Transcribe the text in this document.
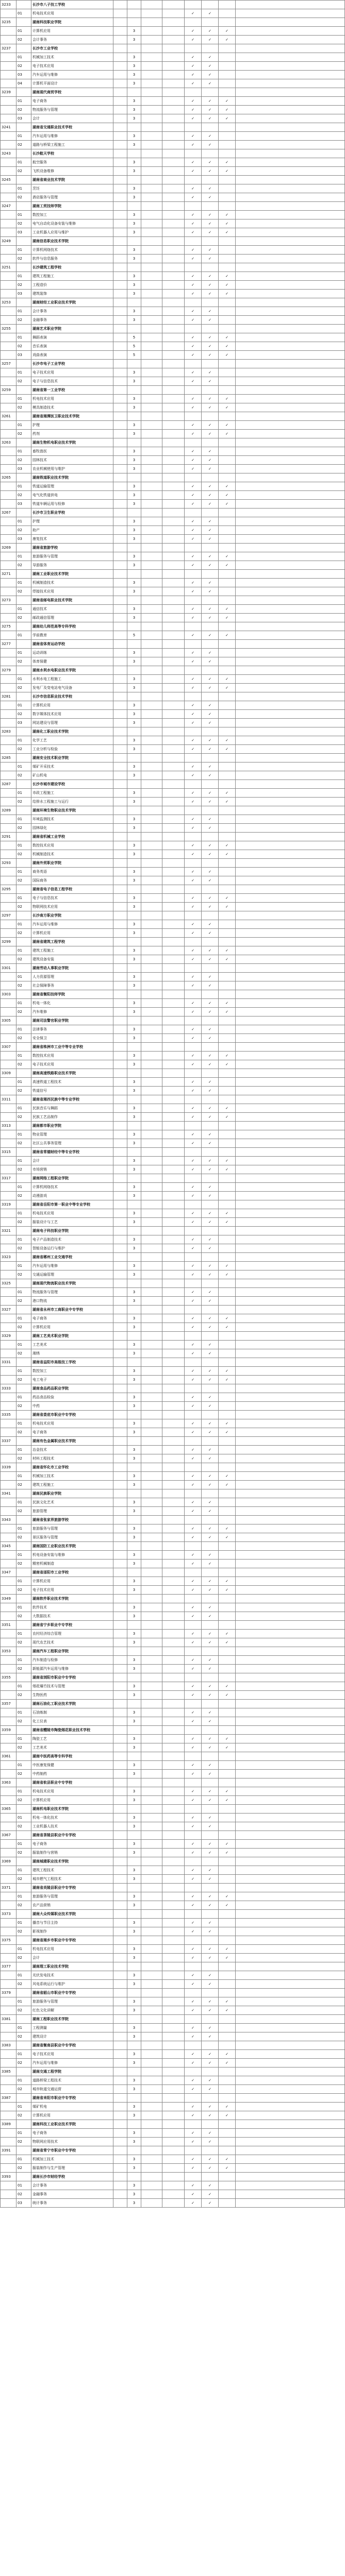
3233		长沙市八子技工学校								
	01	机电技术应用					✓	✓		
3235		湖南科技职业学院								
	01	计算机应用		3			✓	✓	✓	
	02	会计事务		3			✓	✓	✓	
3237		长沙市工业学校								
	01	机械加工技术		3			✓	✓		
	02	电子技术应用		3			✓	✓		
	03	汽车运用与维修		3			✓	✓		
	04	计算机平面设计		3			✓	✓		
3239		湖南现代商贸学校								
	01	电子商务		3			✓	✓	✓	
	02	物流服务与管理		3			✓	✓	✓	
	03	会计		3			✓	✓	✓	
3241		湖南省交通职业技术学校								
	01	汽车运用与维修		3			✓	✓		
	02	道路与桥梁工程施工		3			✓	✓		
3243		长沙航天学校								
	01	航空服务		3			✓	✓	✓	
	02	飞机设备维修		3			✓	✓	✓	
3245		湖南省商业技术学院								
	01	烹饪		3			✓	✓		
	02	酒店服务与管理		3			✓	✓		
3247		湖南工贸技师学院								
	01	数控加工		3			✓	✓	✓	
	02	电气自动化设备安装与维修		3			✓	✓	✓	
	03	工业机器人应用与维护		3			✓	✓	✓	
3249		湖南信息职业技术学院								
	01	计算机网络技术		3			✓	✓		
	02	软件与信息服务		3			✓	✓		
3251		长沙建筑工程学校								
	01	建筑工程施工		3			✓	✓	✓	
	02	工程造价		3			✓	✓	✓	
	03	建筑装饰		3			✓	✓	✓	
3253		湖南财经工业职业技术学院								
	01	会计事务		3			✓	✓		
	02	金融事务		3			✓	✓		
3255		湖南艺术职业学院								
	01	舞蹈表演		5			✓	✓	✓	
	02	音乐表演		5			✓	✓	✓	
	03	戏曲表演		5			✓	✓	✓	
3257		长沙市电子工业学校								
	01	电子技术应用		3			✓	✓		
	02	电子与信息技术		3			✓	✓		
3259		湖南省第一工业学校								
	01	机电技术应用		3			✓	✓	✓	
	02	模具制造技术		3			✓	✓	✓	
3261		湖南省湘潭医卫职业技术学院								
	01	护理		3			✓	✓	✓	
	02	药剂		3			✓	✓	✓	
3263		湖南生物机电职业技术学院								
	01	畜牧兽医		3			✓	✓		
	02	园林技术		3			✓	✓		
	03	农业机械使用与维护		3			✓	✓		
3265		湖南铁道职业技术学院								
	01	铁道运输管理		3			✓	✓	✓	
	02	电气化铁道供电		3			✓	✓	✓	
	03	铁道车辆运用与检修		3			✓	✓	✓	
3267		长沙市卫生职业学校								
	01	护理		3			✓	✓		
	02	助产		3			✓	✓		
	03	康复技术		3			✓	✓		
3269		湖南省旅游学校								
	01	旅游服务与管理		3			✓	✓	✓	
	02	导游服务		3			✓	✓	✓	
3271		湖南工业职业技术学院								
	01	机械制造技术		3			✓	✓		
	02	焊接技术应用		3			✓	✓		
3273		湖南省邮电职业技术学院								
	01	通信技术		3			✓	✓	✓	
	02	邮政通信管理		3			✓	✓	✓	
3275		湖南幼儿师范高等专科学校								
	01	学前教育		5			✓	✓	✓	
3277		湖南省体育运动学校								
	01	运动训练		3			✓	✓		
	02	体育保健		3			✓	✓		
3279		湖南水利水电职业技术学院								
	01	水利水电工程施工		3			✓	✓	✓	
	02	发电厂及变电站电气设备		3			✓	✓	✓	
3281		长沙市信息职业技术学校								
	01	计算机应用		3			✓	✓		
	02	数字媒体技术应用		3			✓	✓		
	03	网站建设与管理		3			✓	✓		
3283		湖南化工职业技术学院								
	01	化学工艺		3			✓	✓	✓	
	02	工业分析与检验		3			✓	✓	✓	
3285		湖南安全技术职业学院								
	01	煤矿开采技术		3			✓	✓		
	02	矿山机电		3			✓	✓		
3287		长沙市城市建设学校								
	01	市政工程施工		3			✓	✓	✓	
	02	给排水工程施工与运行		3			✓	✓	✓	
3289		湖南环境生物职业技术学院								
	01	环境监测技术		3			✓	✓		
	02	园林绿化		3			✓	✓		
3291		湖南省机械工业学校								
	01	数控技术应用		3			✓	✓	✓	
	02	机械制造技术		3			✓	✓	✓	
3293		湖南外贸职业学院								
	01	商务英语		3			✓	✓		
	02	国际商务		3			✓	✓		
3295		湖南省电子信息工程学校								
	01	电子与信息技术		3			✓	✓	✓	
	02	物联网技术应用		3			✓	✓	✓	
3297		长沙南方职业学院								
	01	汽车运用与维修		3			✓	✓		
	02	计算机应用		3			✓	✓		
3299		湖南省建筑工程学校								
	01	建筑工程施工		3			✓	✓	✓	
	02	建筑设备安装		3			✓	✓	✓	
3301		湖南劳动人事职业学院								
	01	人力资源管理		3			✓	✓		
	02	社会保障事务		3			✓	✓		
3303		湖南省衡阳技师学院								
	01	机电一体化		3			✓	✓	✓	
	02	汽车维修		3			✓	✓	✓	
3305		湖南司法警官职业学院								
	01	法律事务		3			✓	✓		
	02	安全保卫		3			✓	✓		
3307		湖南省株洲市工业中等专业学校								
	01	数控技术应用		3			✓	✓	✓	
	02	电子技术应用		3			✓	✓	✓	
3309		湖南高速铁路职业技术学院								
	01	高速铁道工程技术		3			✓	✓		
	02	铁道信号		3			✓	✓		
3311		湖南省湘西民族中等专业学校								
	01	民族音乐与舞蹈		3			✓	✓	✓	
	02	民族工艺品制作		3			✓	✓	✓	
3313		湖南都市职业学院								
	01	物业管理		3			✓	✓		
	02	社区公共事务管理		3			✓	✓		
3315		湖南省常德财经中等专业学校								
	01	会计		3			✓	✓	✓	
	02	市场营销		3			✓	✓	✓	
3317		湖南网络工程职业学院								
	01	计算机网络技术		3			✓	✓		
	02	动漫游戏		3			✓	✓		
3319		湖南省岳阳市第一职业中等专业学校								
	01	机电技术应用		3			✓	✓	✓	
	02	服装设计与工艺		3			✓	✓	✓	
3321		湖南电子科技职业学院								
	01	电子产品制造技术		3			✓	✓		
	02	智能设备运行与维护		3			✓	✓		
3323		湖南省郴州工业交通学校								
	01	汽车运用与维修		3			✓	✓	✓	
	02	交通运输管理		3			✓	✓	✓	
3325		湖南现代物流职业技术学院								
	01	物流服务与管理		3			✓	✓		
	02	港口物流		3			✓	✓		
3327		湖南省永州市工商职业中专学校								
	01	电子商务		3			✓	✓	✓	
	02	计算机应用		3			✓	✓	✓	
3329		湖南工艺美术职业学院								
	01	工艺美术		3			✓	✓		
	02	湘绣		3			✓	✓		
3331		湖南省益阳市高级技工学校								
	01	数控加工		3			✓	✓	✓	
	02	电工电子		3			✓	✓	✓	
3333		湖南食品药品职业学院								
	01	药品食品检验		3			✓	✓		
	02	中药		3			✓	✓		
3335		湖南省娄底市职业中专学校								
	01	机电技术应用		3			✓	✓	✓	
	02	电子商务		3			✓	✓	✓	
3337		湖南有色金属职业技术学院								
	01	冶金技术		3			✓	✓		
	02	材料工程技术		3			✓	✓		
3339		湖南省怀化市工业学校								
	01	机械加工技术		3			✓	✓	✓	
	02	建筑工程施工		3			✓	✓	✓	
3341		湖南民族职业学院								
	01	民族文化艺术		3			✓	✓		
	02	旅游管理		3			✓	✓		
3343		湖南省张家界旅游学校								
	01	旅游服务与管理		3			✓	✓	✓	
	02	景区服务与管理		3			✓	✓	✓	
3345		湖南国防工业职业技术学院								
	01	机电设备安装与维修		3			✓	✓		
	02	精密机械制造		3			✓	✓		
3347		湖南省邵阳市工业学校								
	01	计算机应用		3			✓	✓	✓	
	02	电子技术应用		3			✓	✓	✓	
3349		湖南软件职业技术学院								
	01	软件技术		3			✓	✓		
	02	大数据技术		3			✓	✓		
3351		湖南省宁乡职业中专学校								
	01	农村经济综合管理		3			✓	✓	✓	
	02	现代农艺技术		3			✓	✓	✓	
3353		湖南汽车工程职业学院								
	01	汽车制造与检修		3			✓	✓		
	02	新能源汽车运用与维修		3			✓	✓		
3355		湖南省浏阳市职业中专学校								
	01	烟花爆竹技术与管理		3			✓	✓	✓	
	02	生物医药		3			✓	✓	✓	
3357		湖南石油化工职业技术学院								
	01	石油炼制		3			✓	✓		
	02	化工仪表		3			✓	✓		
3359		湖南省醴陵市陶瓷烟花职业技术学校								
	01	陶瓷工艺		3			✓	✓	✓	
	02	工艺美术		3			✓	✓	✓	
3361		湖南中医药高等专科学校								
	01	中医康复保健		3			✓	✓		
	02	中药制药		3			✓	✓		
3363		湖南省攸县职业中专学校								
	01	机电技术应用		3			✓	✓	✓	
	02	计算机应用		3			✓	✓	✓	
3365		湖南机电职业技术学院								
	01	机电一体化技术		3			✓	✓		
	02	工业机器人技术		3			✓	✓		
3367		湖南省茶陵县职业中专学校								
	01	电子商务		3			✓	✓	✓	
	02	服装制作与营销		3			✓	✓	✓	
3369		湖南城建职业技术学院								
	01	建筑工程技术		3			✓	✓		
	02	城市燃气工程技术		3			✓	✓		
3371		湖南省炎陵县职业中专学校								
	01	旅游服务与管理		3			✓	✓	✓	
	02	农产品营销		3			✓	✓	✓	
3373		湖南大众传媒职业技术学院								
	01	播音与节目主持		3			✓	✓		
	02	影视制作		3			✓	✓		
3375		湖南省湘乡市职业中专学校								
	01	机电技术应用		3			✓	✓	✓	
	02	会计		3			✓	✓	✓	
3377		湖南理工职业技术学院								
	01	光伏发电技术		3			✓	✓		
	02	风电系统运行与维护		3			✓	✓		
3379		湖南省韶山市职业中专学校								
	01	旅游服务与管理		3			✓	✓	✓	
	02	红色文化讲解		3			✓	✓	✓	
3381		湖南工程职业技术学院								
	01	工程测量		3			✓	✓		
	02	建筑设计		3			✓	✓		
3383		湖南省衡南县职业中专学校								
	01	电子技术应用		3			✓	✓	✓	
	02	汽车运用与维修		3			✓	✓	✓	
3385		湖南交通工程学院								
	01	道路桥梁工程技术		3			✓	✓		
	02	城市轨道交通运营		3			✓	✓		
3387		湖南省耒阳市职业中专学校								
	01	煤矿机电		3			✓	✓	✓	
	02	计算机应用		3			✓	✓	✓	
3389		湖南科技工业职业技术学院								
	01	电子商务		3			✓	✓		
	02	物联网应用技术		3			✓	✓		
3391		湖南省常宁市职业中专学校								
	01	机械加工技术		3			✓	✓	✓	
	02	服装制作与生产管理		3			✓	✓	✓	
3393		湖南长沙市财经学校								
	01	会计事务		3			✓	✓		
	02	金融事务		3			✓	✓		
	03	统计事务		3			✓	✓		
